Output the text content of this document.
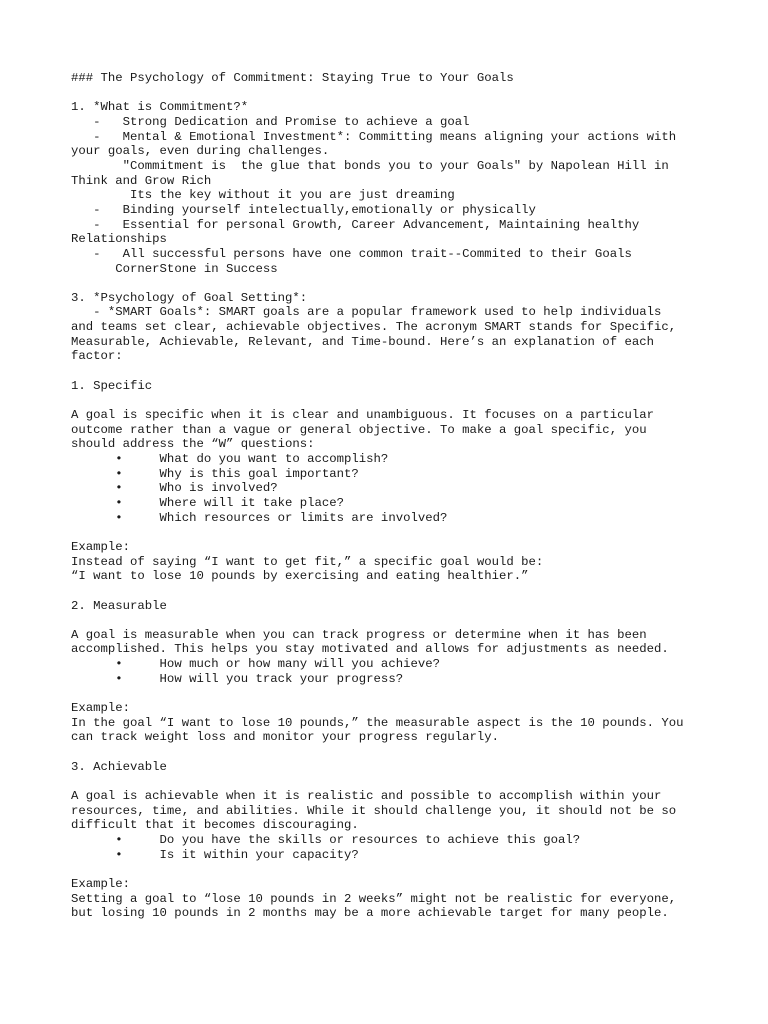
### The Psychology of Commitment: Staying True to Your Goals
1. *What is Commitment?*
-   Strong Dedication and Promise to achieve a goal
-   Mental & Emotional Investment*: Committing means aligning your actions with
your goals, even during challenges.
"Commitment is  the glue that bonds you to your Goals" by Napolean Hill in
Think and Grow Rich
Its the key without it you are just dreaming
-   Binding yourself intelectually,emotionally or physically
-   Essential for personal Growth, Career Advancement, Maintaining healthy
Relationships
-   All successful persons have one common trait--Commited to their Goals
CornerStone in Success
3. *Psychology of Goal Setting*:
- *SMART Goals*: SMART goals are a popular framework used to help individuals
and teams set clear, achievable objectives. The acronym SMART stands for Specific,
Measurable, Achievable, Relevant, and Time-bound. Here’s an explanation of each
factor:
1. Specific
A goal is specific when it is clear and unambiguous. It focuses on a particular
outcome rather than a vague or general objective. To make a goal specific, you
should address the “W” questions:
•     What do you want to accomplish?
•     Why is this goal important?
•     Who is involved?
•     Where will it take place?
•     Which resources or limits are involved?
Example:
Instead of saying “I want to get fit,” a specific goal would be:
“I want to lose 10 pounds by exercising and eating healthier.”
2. Measurable
A goal is measurable when you can track progress or determine when it has been
accomplished. This helps you stay motivated and allows for adjustments as needed.
•     How much or how many will you achieve?
•     How will you track your progress?
Example:
In the goal “I want to lose 10 pounds,” the measurable aspect is the 10 pounds. You
can track weight loss and monitor your progress regularly.
3. Achievable
A goal is achievable when it is realistic and possible to accomplish within your
resources, time, and abilities. While it should challenge you, it should not be so
difficult that it becomes discouraging.
•     Do you have the skills or resources to achieve this goal?
•     Is it within your capacity?
Example:
Setting a goal to “lose 10 pounds in 2 weeks” might not be realistic for everyone,
but losing 10 pounds in 2 months may be a more achievable target for many people.
